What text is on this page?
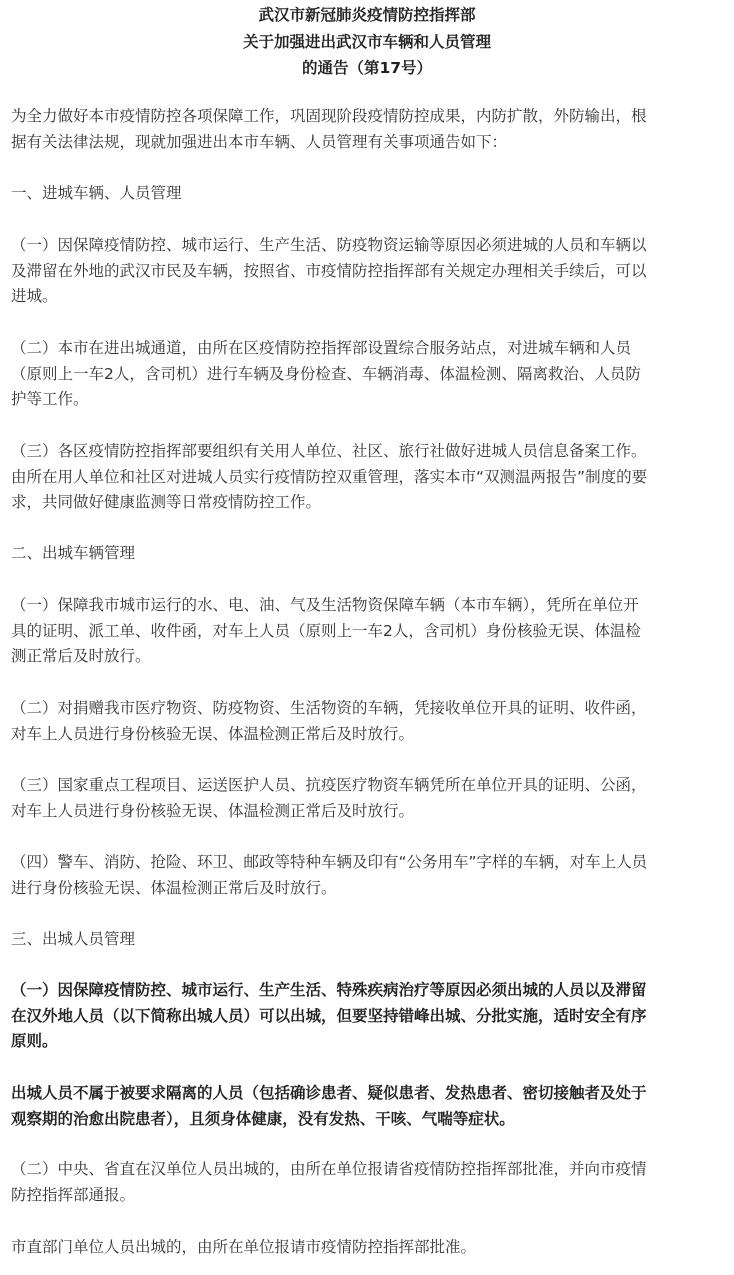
武汉市新冠肺炎疫情防控指挥部
关于加强进出武汉市车辆和人员管理
的通告（第17号）
为全力做好本市疫情防控各项保障工作，巩固现阶段疫情防控成果，内防扩散，外防输出，根
据有关法律法规，现就加强进出本市车辆、人员管理有关事项通告如下：
一、进城车辆、人员管理
（一）因保障疫情防控、城市运行、生产生活、防疫物资运输等原因必须进城的人员和车辆以
及滞留在外地的武汉市民及车辆，按照省、市疫情防控指挥部有关规定办理相关手续后，可以
进城。
（二）本市在进出城通道，由所在区疫情防控指挥部设置综合服务站点，对进城车辆和人员
（原则上一车2人，含司机）进行车辆及身份检查、车辆消毒、体温检测、隔离救治、人员防
护等工作。
（三）各区疫情防控指挥部要组织有关用人单位、社区、旅行社做好进城人员信息备案工作。
由所在用人单位和社区对进城人员实行疫情防控双重管理，落实本市“双测温两报告”制度的要
求，共同做好健康监测等日常疫情防控工作。
二、出城车辆管理
（一）保障我市城市运行的水、电、油、气及生活物资保障车辆（本市车辆），凭所在单位开
具的证明、派工单、收件函，对车上人员（原则上一车2人，含司机）身份核验无误、体温检
测正常后及时放行。
（二）对捐赠我市医疗物资、防疫物资、生活物资的车辆，凭接收单位开具的证明、收件函，
对车上人员进行身份核验无误、体温检测正常后及时放行。
（三）国家重点工程项目、运送医护人员、抗疫医疗物资车辆凭所在单位开具的证明、公函，
对车上人员进行身份核验无误、体温检测正常后及时放行。
（四）警车、消防、抢险、环卫、邮政等特种车辆及印有“公务用车”字样的车辆，对车上人员
进行身份核验无误、体温检测正常后及时放行。
三、出城人员管理
（一）因保障疫情防控、城市运行、生产生活、特殊疾病治疗等原因必须出城的人员以及滞留
在汉外地人员（以下简称出城人员）可以出城，但要坚持错峰出城、分批实施，适时安全有序
原则。
出城人员不属于被要求隔离的人员（包括确诊患者、疑似患者、发热患者、密切接触者及处于
观察期的治愈出院患者），且须身体健康，没有发热、干咳、气喘等症状。
（二）中央、省直在汉单位人员出城的，由所在单位报请省疫情防控指挥部批准，并向市疫情
防控指挥部通报。
市直部门单位人员出城的，由所在单位报请市疫情防控指挥部批准。
